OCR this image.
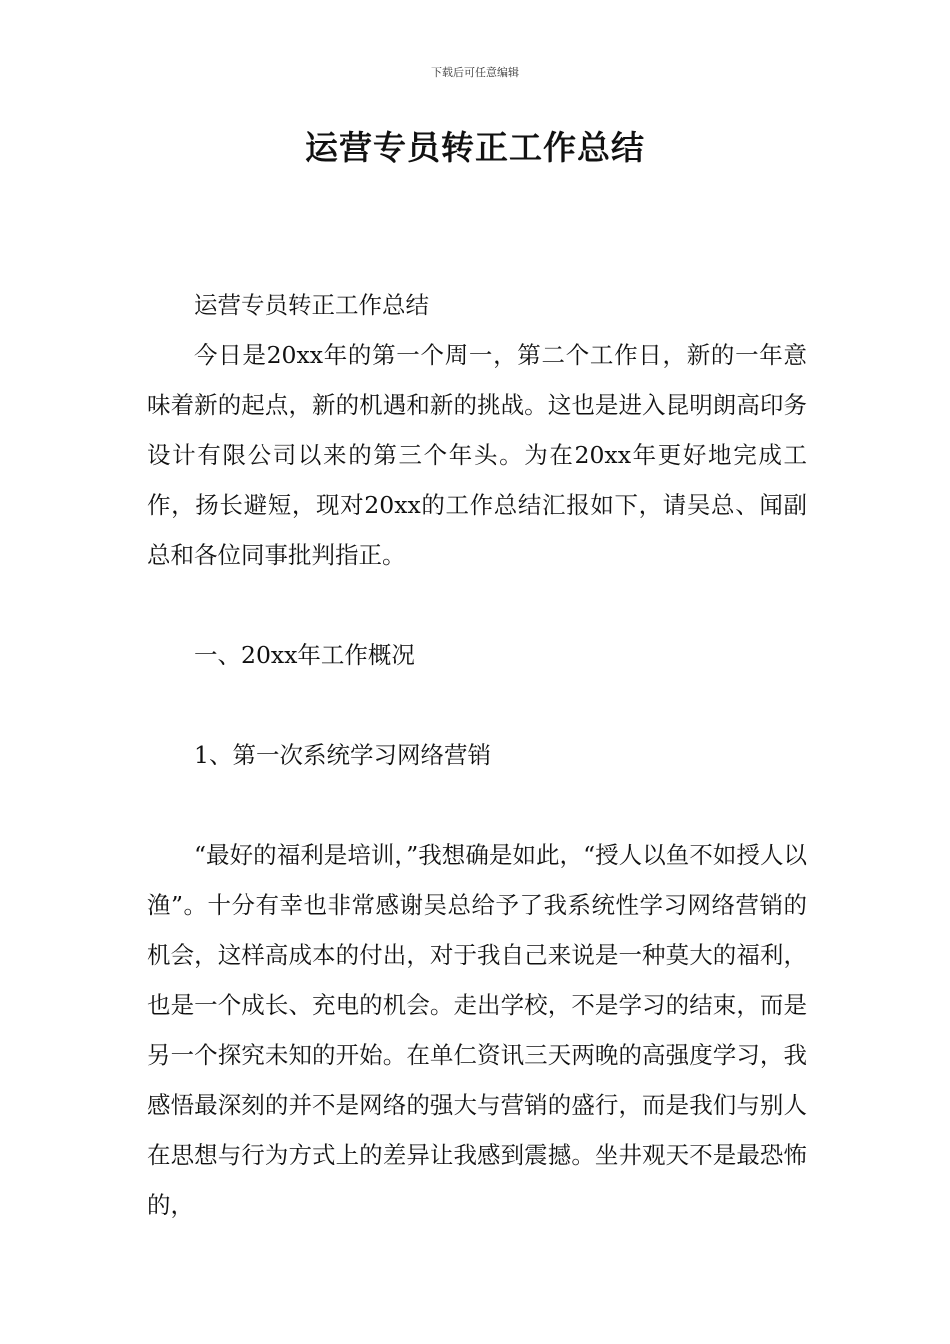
下载后可任意编辑
运营专员转正工作总结

运营专员转正工作总结

今日是20xx年的第一个周一，第二个工作日，新的一年意味着新的起点，新的机遇和新的挑战。这也是进入昆明朗高印务设计有限公司以来的第三个年头。为在20xx年更好地完成工作，扬长避短，现对20xx的工作总结汇报如下，请吴总、闻副总和各位同事批判指正。

一、20xx年工作概况

1、第一次系统学习网络营销

“最好的福利是培训，”我想确是如此，“授人以鱼不如授人以渔”。十分有幸也非常感谢吴总给予了我系统性学习网络营销的机会，这样高成本的付出，对于我自己来说是一种莫大的福利，也是一个成长、充电的机会。走出学校，不是学习的结束，而是另一个探究未知的开始。在单仁资讯三天两晚的高强度学习，我感悟最深刻的并不是网络的强大与营销的盛行，而是我们与别人在思想与行为方式上的差异让我感到震撼。坐井观天不是最恐怖的，
